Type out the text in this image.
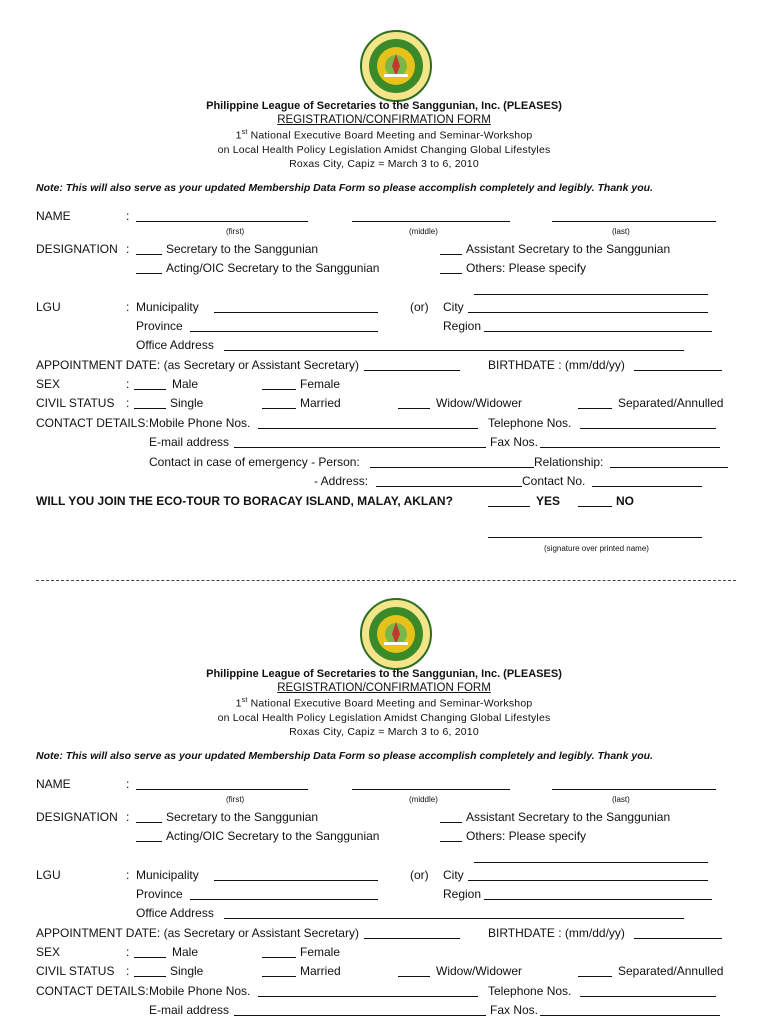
Philippine League of Secretaries to the Sanggunian, Inc. (PLEASES)
REGISTRATION/CONFIRMATION FORM
1st National Executive Board Meeting and Seminar-Workshop
on Local Health Policy Legislation Amidst Changing Global Lifestyles
Roxas City, Capiz = March 3 to 6, 2010
Note: This will also serve as your updated Membership Data Form so please accomplish completely and legibly. Thank you.
NAME	:
(first)	(middle)	(last)
DESIGNATION :	Secretary to the Sanggunian	Assistant Secretary to the Sanggunian
Acting/OIC Secretary to the Sanggunian	Others: Please specify
LGU	: Municipality	(or) City
Province	Region
Office Address
APPOINTMENT DATE: (as Secretary or Assistant Secretary)	BIRTHDATE : (mm/dd/yy)
SEX	:	Male	Female
CIVIL STATUS :	Single	Married	Widow/Widower	Separated/Annulled
CONTACT DETAILS: Mobile Phone Nos.	Telephone Nos.
E-mail address	Fax Nos.
Contact in case of emergency - Person:	Relationship:
- Address:	Contact No.
WILL YOU JOIN THE ECO-TOUR TO BORACAY ISLAND, MALAY, AKLAN?	YES	NO
(signature over printed name)
Philippine League of Secretaries to the Sanggunian, Inc. (PLEASES)
REGISTRATION/CONFIRMATION FORM
1st National Executive Board Meeting and Seminar-Workshop
on Local Health Policy Legislation Amidst Changing Global Lifestyles
Roxas City, Capiz = March 3 to 6, 2010
Note: This will also serve as your updated Membership Data Form so please accomplish completely and legibly. Thank you.
NAME	:
(first)	(middle)	(last)
DESIGNATION :	Secretary to the Sanggunian	Assistant Secretary to the Sanggunian
Acting/OIC Secretary to the Sanggunian	Others: Please specify
LGU	: Municipality	(or) City
Province	Region
Office Address
APPOINTMENT DATE: (as Secretary or Assistant Secretary)	BIRTHDATE : (mm/dd/yy)
SEX	:	Male	Female
CIVIL STATUS :	Single	Married	Widow/Widower	Separated/Annulled
CONTACT DETAILS: Mobile Phone Nos.	Telephone Nos.
E-mail address	Fax Nos.
